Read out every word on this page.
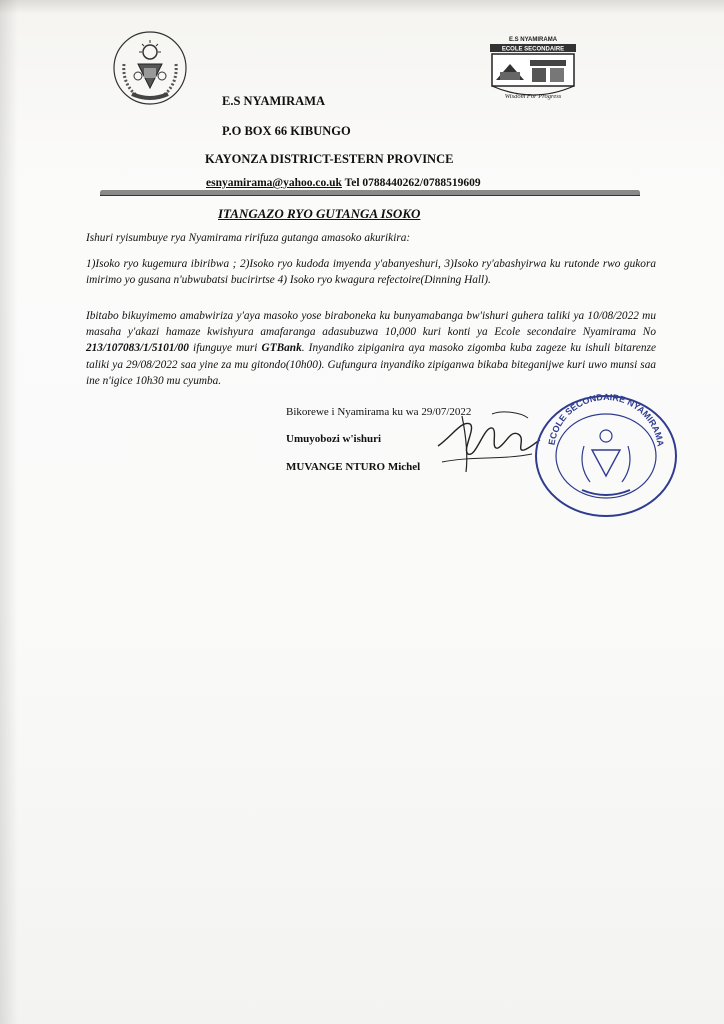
E.S NYAMIRAMA
ECOLE SECONDAIRE
Wisdom For Progress
E.S NYAMIRAMA
P.O BOX 66 KIBUNGO
KAYONZA DISTRICT-ESTERN PROVINCE
esnyamirama@yahoo.co.uk Tel 0788440262/0788519609
ITANGAZO RYO GUTANGA ISOKO
Ishuri ryisumbuye rya Nyamirama ririfuza gutanga amasoko akurikira:
1)Isoko ryo kugemura ibiribwa ; 2)Isoko ryo kudoda imyenda y'abanyeshuri, 3)Isoko ry'abashyirwa ku rutonde rwo gukora imirimo yo gusana n'ubwubatsi bucirirtse 4) Isoko ryo kwagura refectoire(Dinning Hall).
Ibitabo bikuyimemo amabwiriza y'aya masoko yose biraboneka ku bunyamabanga bw'ishuri guhera taliki ya 10/08/2022 mu masaha y'akazi hamaze kwishyura amafaranga adasubuzwa 10,000 kuri konti ya Ecole secondaire Nyamirama No 213/107083/1/5101/00 ifunguye muri GTBank. Inyandiko zipiganira aya masoko zigomba kuba zageze ku ishuli bitarenze taliki ya 29/08/2022 saa yine za mu gitondo(10h00). Gufungura inyandiko zipiganwa bikaba biteganijwe kuri uwo munsi saa ine n'igice 10h30 mu cyumba.
Bikorewe i Nyamirama ku wa 29/07/2022
Umuyobozi w'ishuri
MUVANGE NTURO Michel
ECOLE SECONDAIRE NYAMIRAMA
